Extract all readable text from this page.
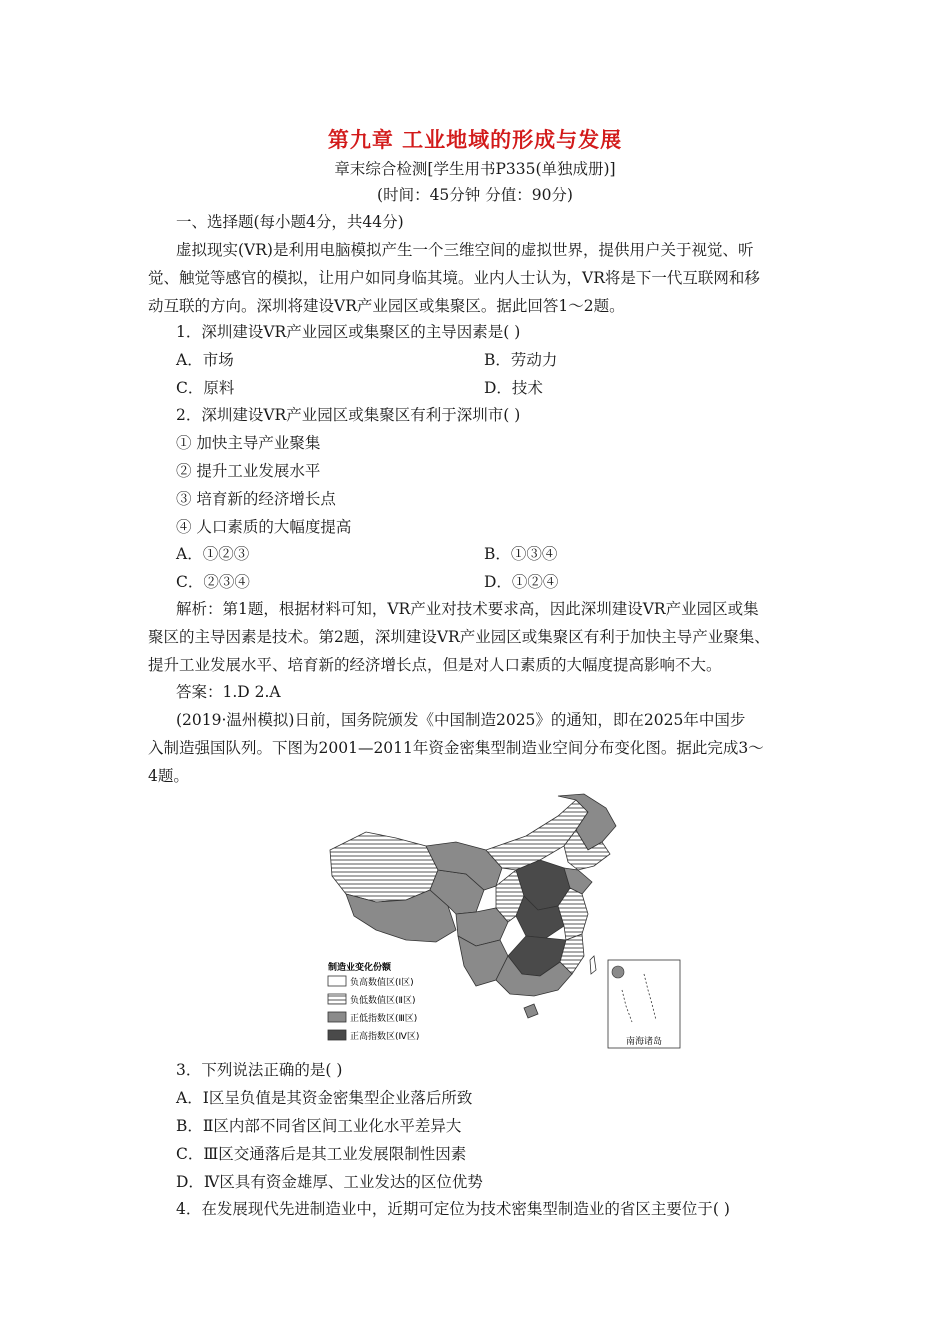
第九章 工业地域的形成与发展
章末综合检测[学生用书P335(单独成册)]
(时间：45分钟 分值：90分)
一、选择题(每小题4分，共44分)
虚拟现实(VR)是利用电脑模拟产生一个三维空间的虚拟世界，提供用户关于视觉、听
觉、触觉等感官的模拟，让用户如同身临其境。业内人士认为，VR将是下一代互联网和移
动互联的方向。深圳将建设VR产业园区或集聚区。据此回答1～2题。
1．深圳建设VR产业园区或集聚区的主导因素是( )
A．市场	B．劳动力
C．原料	D．技术
2．深圳建设VR产业园区或集聚区有利于深圳市( )
① 加快主导产业聚集
② 提升工业发展水平
③ 培育新的经济增长点
④ 人口素质的大幅度提高
A．①②③	B．①③④
C．②③④	D．①②④
解析：第1题，根据材料可知，VR产业对技术要求高，因此深圳建设VR产业园区或集
聚区的主导因素是技术。第2题，深圳建设VR产业园区或集聚区有利于加快主导产业聚集、
提升工业发展水平、培育新的经济增长点，但是对人口素质的大幅度提高影响不大。
答案：1.D 2.A
(2019·温州模拟)日前，国务院颁发《中国制造2025》的通知，即在2025年中国步
入制造强国队列。下图为2001—2011年资金密集型制造业空间分布变化图。据此完成3～
4题。
南海诸岛
制造业变化份额
负高数值区(Ⅰ区)
负低数值区(Ⅱ区)
正低指数区(Ⅲ区)
正高指数区(Ⅳ区)
3．下列说法正确的是( )
A．Ⅰ区呈负值是其资金密集型企业落后所致
B．Ⅱ区内部不同省区间工业化水平差异大
C．Ⅲ区交通落后是其工业发展限制性因素
D．Ⅳ区具有资金雄厚、工业发达的区位优势
4．在发展现代先进制造业中，近期可定位为技术密集型制造业的省区主要位于( )
